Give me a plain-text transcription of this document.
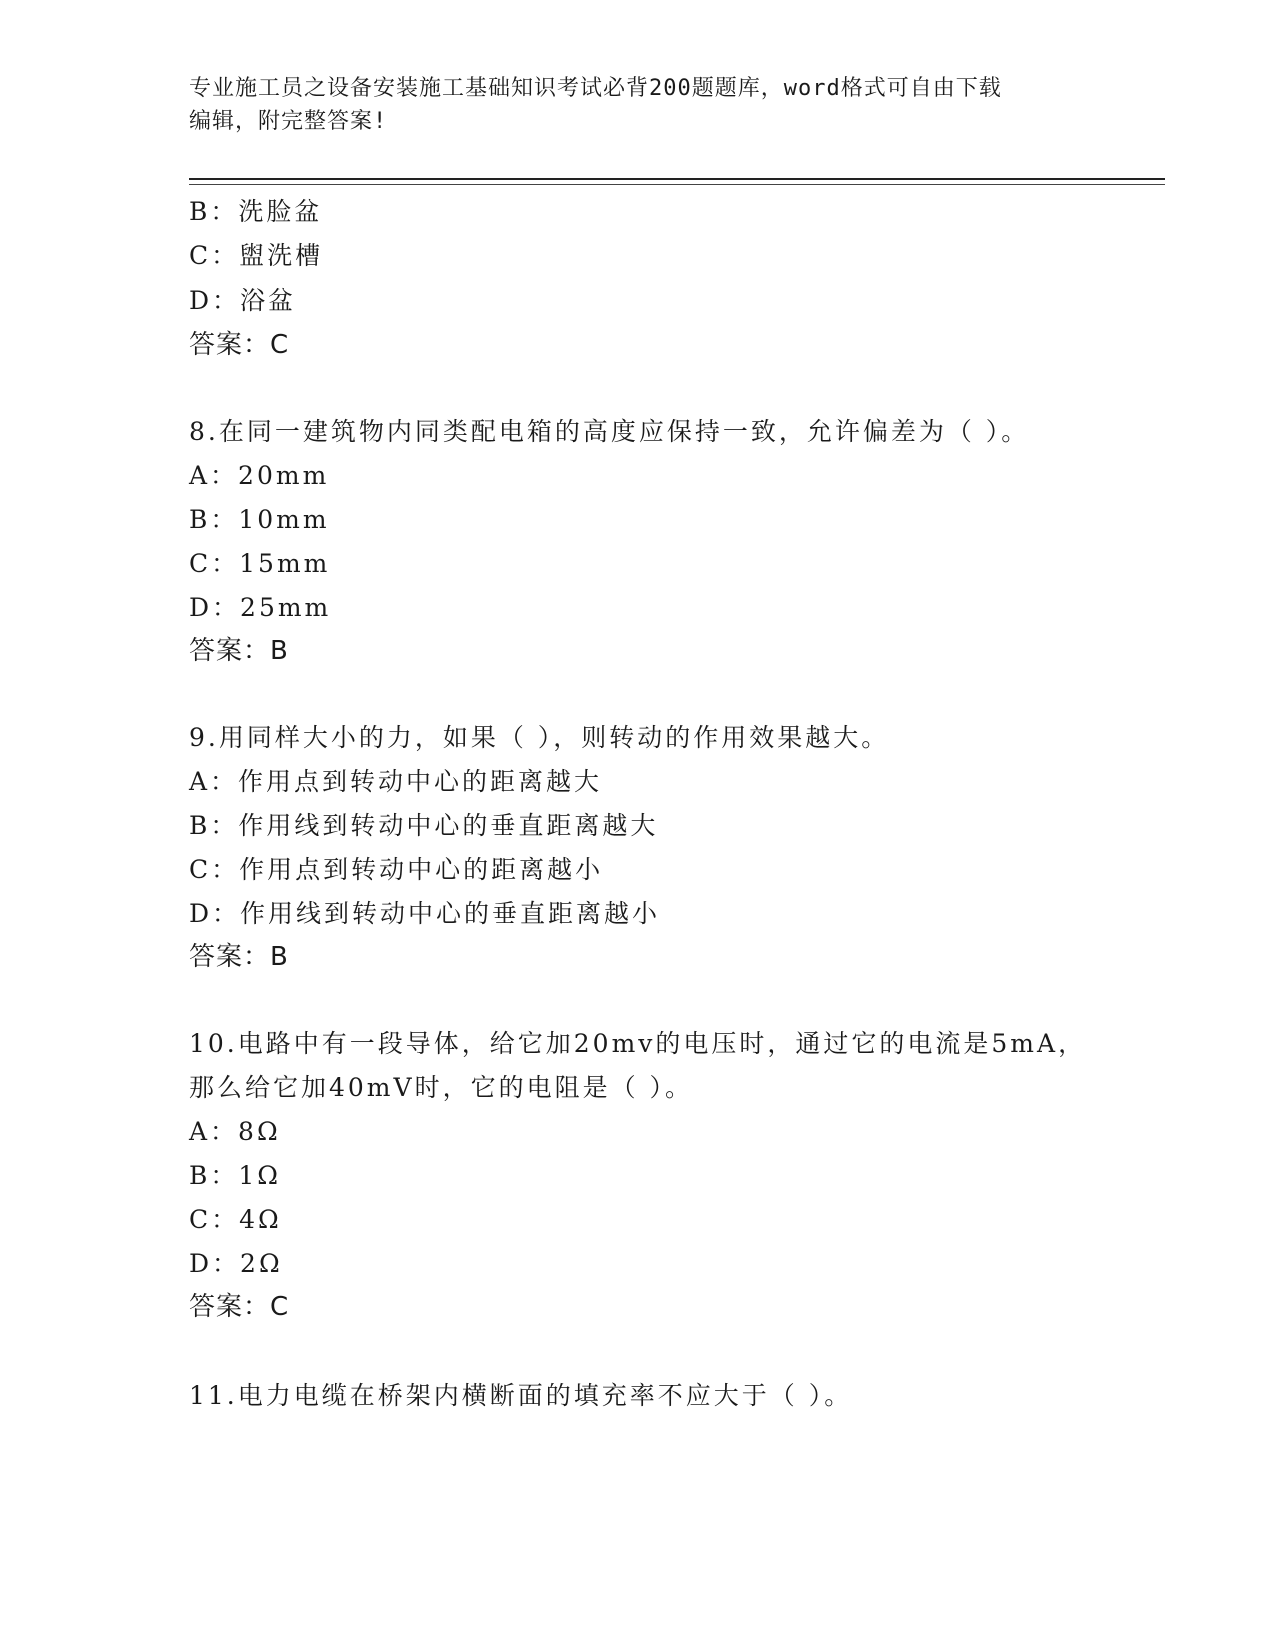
专业施工员之设备安装施工基础知识考试必背200题题库，word格式可自由下载
编辑，附完整答案!
B：洗脸盆
C：盥洗槽
D：浴盆
答案：C
8.在同一建筑物内同类配电箱的高度应保持一致，允许偏差为（ ）。
A：20mm
B：10mm
C：15mm
D：25mm
答案：B
9.用同样大小的力，如果（ ），则转动的作用效果越大。
A：作用点到转动中心的距离越大
B：作用线到转动中心的垂直距离越大
C：作用点到转动中心的距离越小
D：作用线到转动中心的垂直距离越小
答案：B
10.电路中有一段导体，给它加20mv的电压时，通过它的电流是5mA，
那么给它加40mV时，它的电阻是（ ）。
A：8Ω
B：1Ω
C：4Ω
D：2Ω
答案：C
11.电力电缆在桥架内横断面的填充率不应大于（ ）。
